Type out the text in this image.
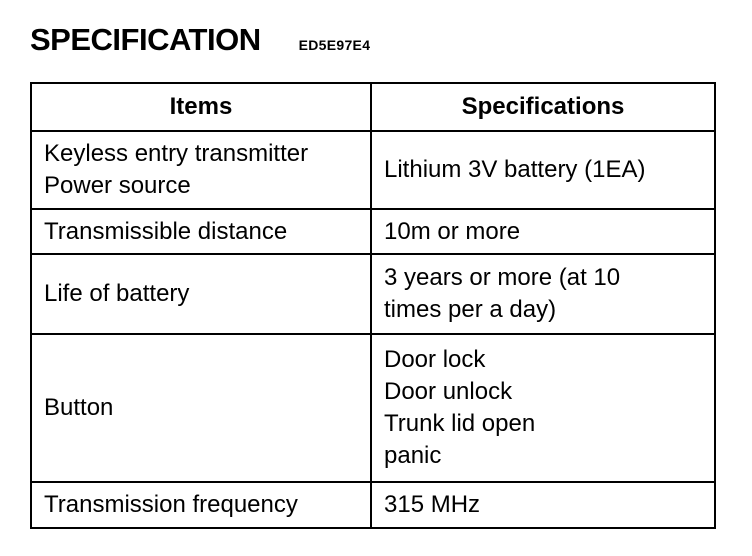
SPECIFICATION	ED5E97E4
Items	Specifications

Keyless entry transmitter
Power source	Lithium 3V battery (1EA)

Transmissible distance	10m or more

Life of battery	3 years or more (at 10
times per a day)

Button	Door lock
Door unlock
Trunk lid open
panic

Transmission frequency	315 MHz
